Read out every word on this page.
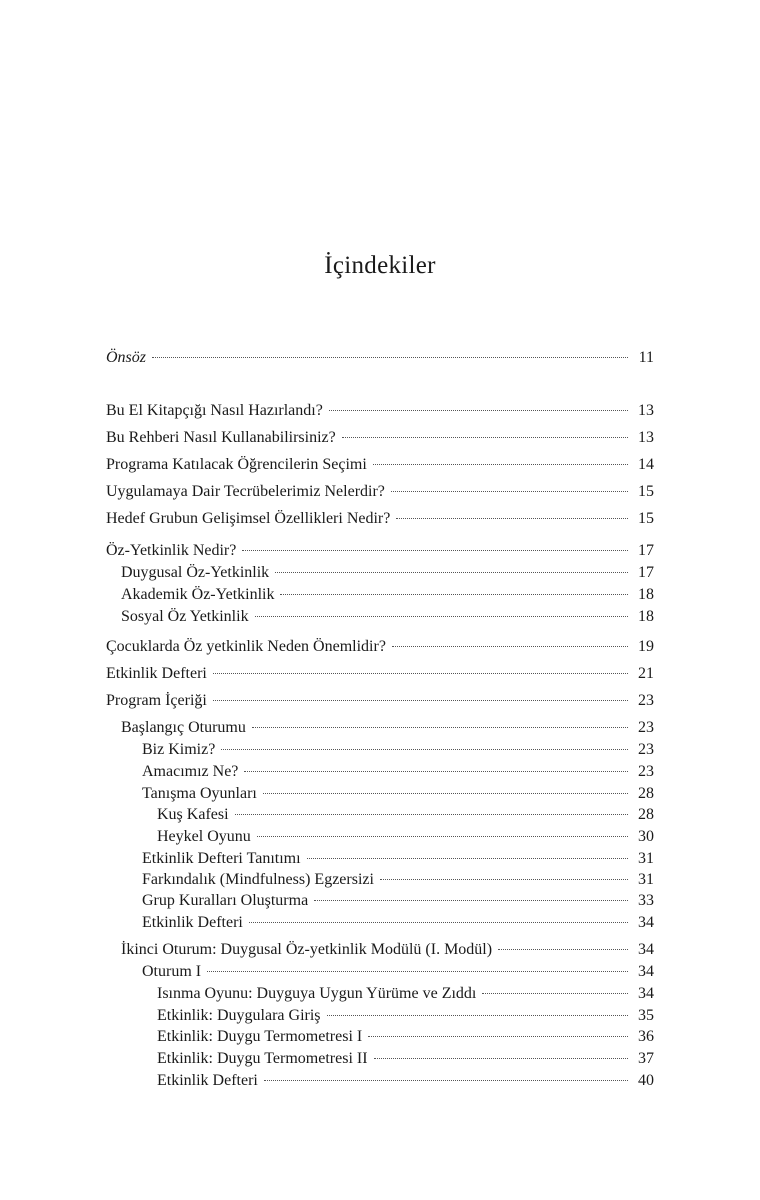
İçindekiler
Önsöz	11
Bu El Kitapçığı Nasıl Hazırlandı?	13
Bu Rehberi Nasıl Kullanabilirsiniz?	13
Programa Katılacak Öğrencilerin Seçimi	14
Uygulamaya Dair Tecrübelerimiz Nelerdir?	15
Hedef Grubun Gelişimsel Özellikleri Nedir?	15
Öz-Yetkinlik Nedir?	17
Duygusal Öz-Yetkinlik	17
Akademik Öz-Yetkinlik	18
Sosyal Öz Yetkinlik	18
Çocuklarda Öz yetkinlik Neden Önemlidir?	19
Etkinlik Defteri	21
Program İçeriği	23
Başlangıç Oturumu	23
Biz Kimiz?	23
Amacımız Ne?	23
Tanışma Oyunları	28
Kuş Kafesi	28
Heykel Oyunu	30
Etkinlik Defteri Tanıtımı	31
Farkındalık (Mindfulness) Egzersizi	31
Grup Kuralları Oluşturma	33
Etkinlik Defteri	34
İkinci Oturum: Duygusal Öz-yetkinlik Modülü (I. Modül)	34
Oturum I	34
Isınma Oyunu: Duyguya Uygun Yürüme ve Zıddı	34
Etkinlik: Duygulara Giriş	35
Etkinlik: Duygu Termometresi I	36
Etkinlik: Duygu Termometresi II	37
Etkinlik Defteri	40
